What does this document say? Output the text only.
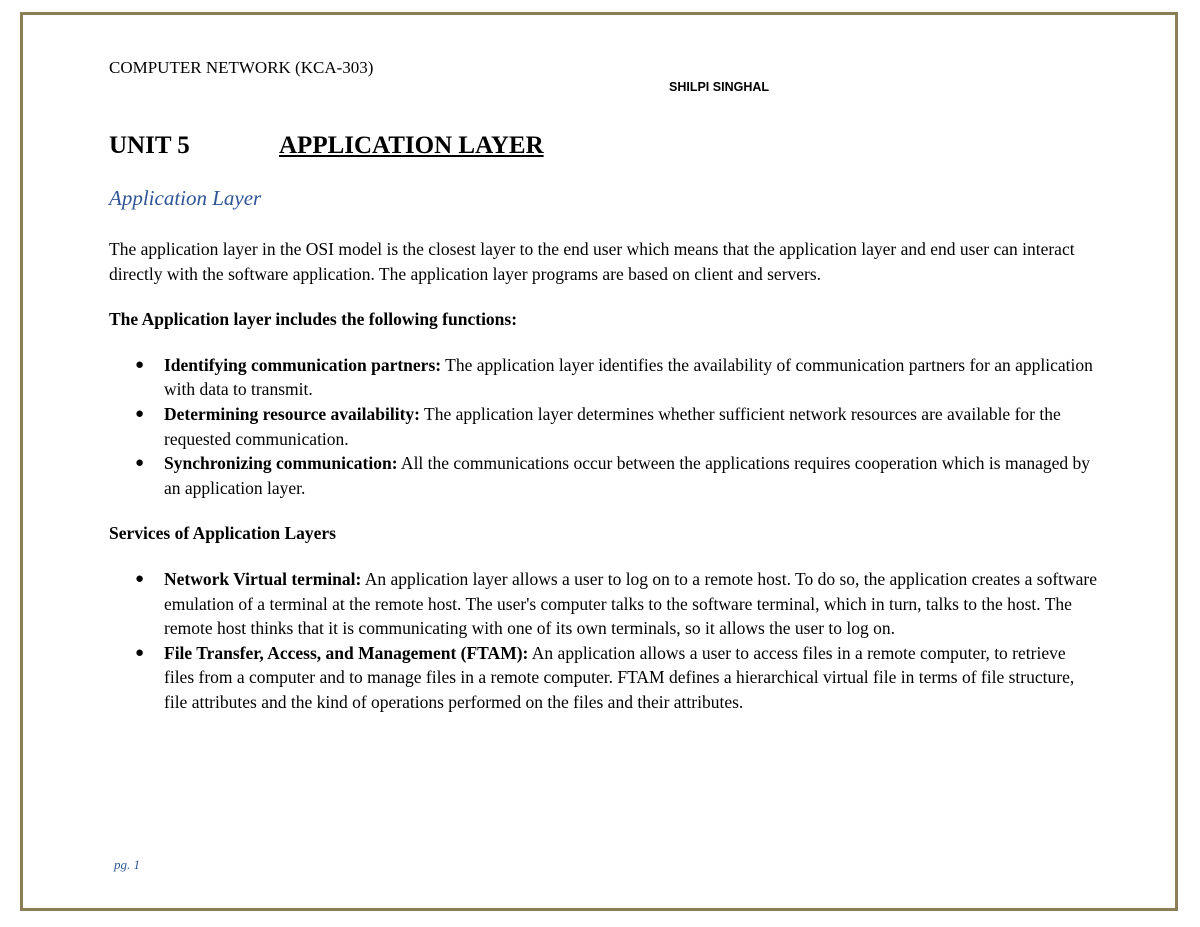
COMPUTER NETWORK (KCA-303)
SHILPI SINGHAL
UNIT 5	APPLICATION LAYER
Application Layer

The application layer in the OSI model is the closest layer to the end user which means that the application layer and end user can interact directly with the software application. The application layer programs are based on client and servers.

The Application layer includes the following functions:

● Identifying communication partners: The application layer identifies the availability of communication partners for an application with data to transmit.
● Determining resource availability: The application layer determines whether sufficient network resources are available for the requested communication.
● Synchronizing communication: All the communications occur between the applications requires cooperation which is managed by an application layer.

Services of Application Layers

● Network Virtual terminal: An application layer allows a user to log on to a remote host. To do so, the application creates a software emulation of a terminal at the remote host. The user's computer talks to the software terminal, which in turn, talks to the host. The remote host thinks that it is communicating with one of its own terminals, so it allows the user to log on.
● File Transfer, Access, and Management (FTAM): An application allows a user to access files in a remote computer, to retrieve files from a computer and to manage files in a remote computer. FTAM defines a hierarchical virtual file in terms of file structure, file attributes and the kind of operations performed on the files and their attributes.
pg. 1
